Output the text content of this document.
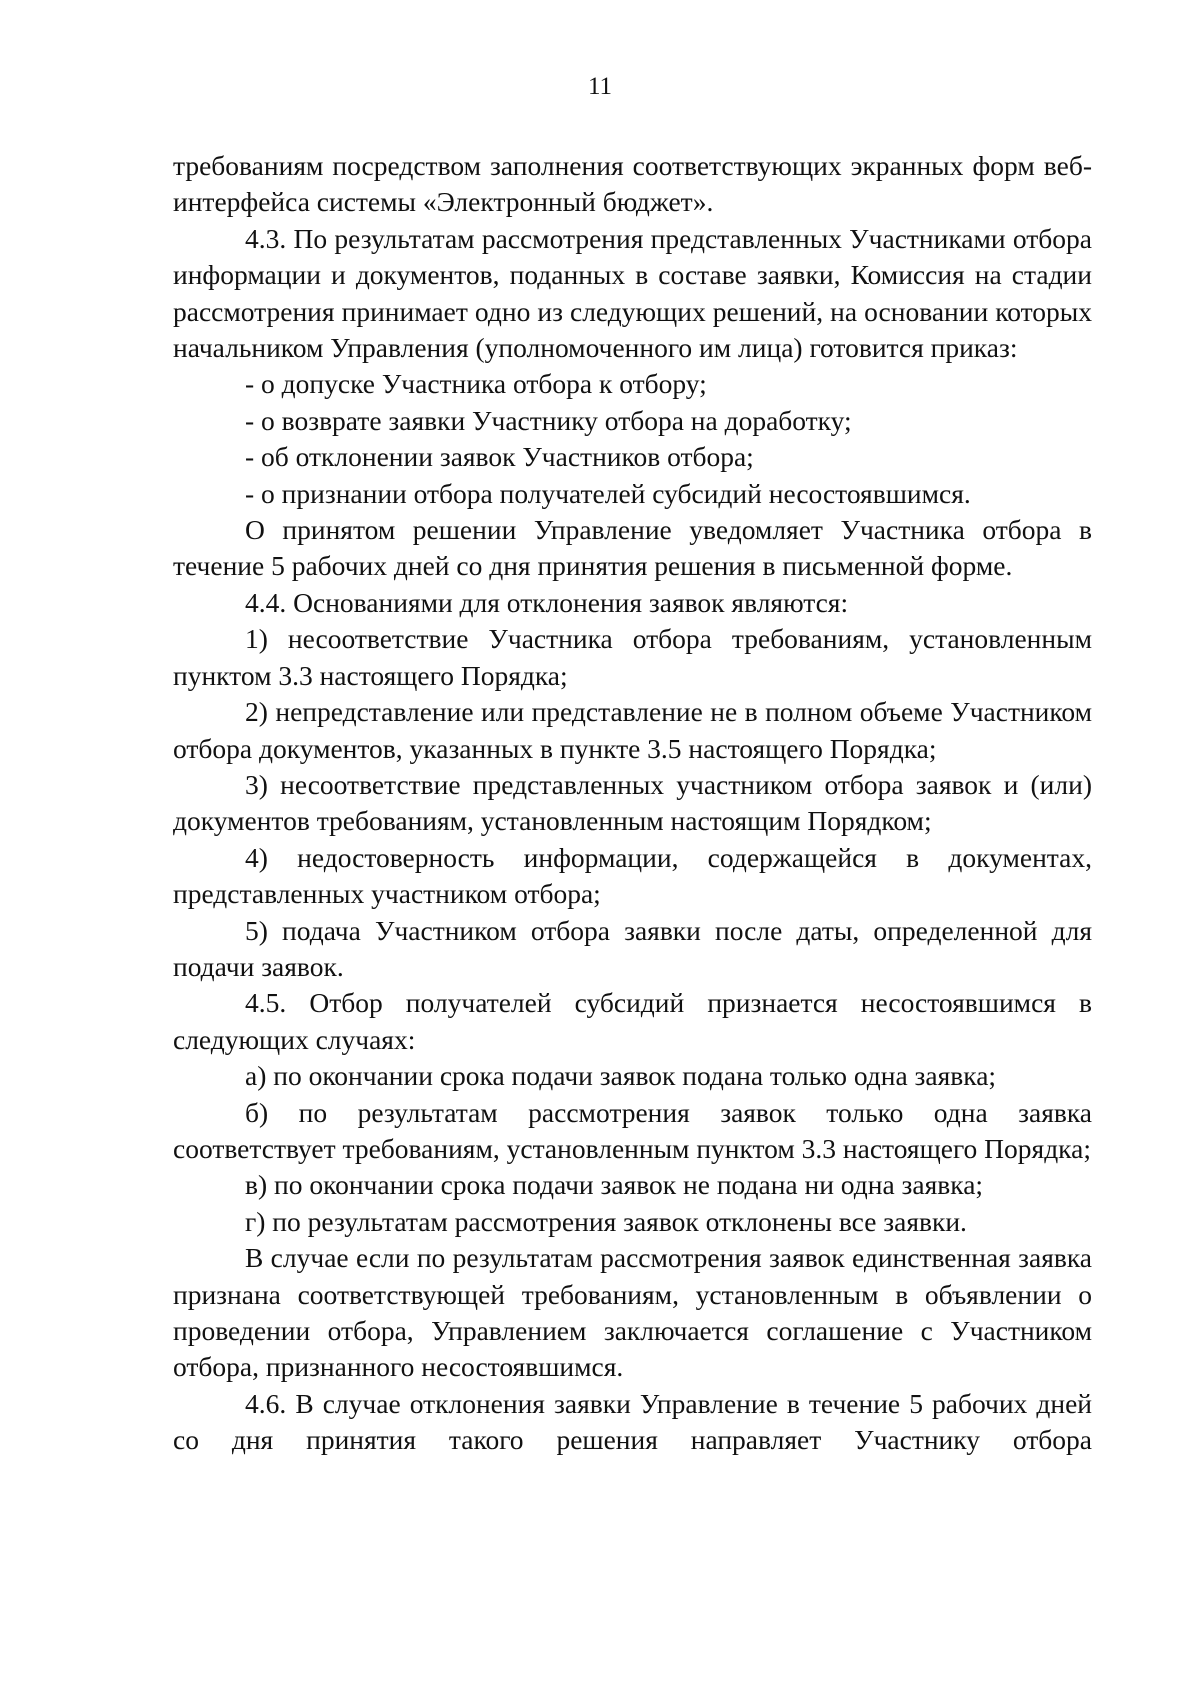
11

требованиям посредством заполнения соответствующих экранных форм веб-интерфейса системы «Электронный бюджет».

4.3. По результатам рассмотрения представленных Участниками отбора информации и документов, поданных в составе заявки, Комиссия на стадии рассмотрения принимает одно из следующих решений, на основании которых начальником Управления (уполномоченного им лица) готовится приказ:

- о допуске Участника отбора к отбору;

- о возврате заявки Участнику отбора на доработку;

- об отклонении заявок Участников отбора;

- о признании отбора получателей субсидий несостоявшимся.

О принятом решении Управление уведомляет Участника отбора в течение 5 рабочих дней со дня принятия решения в письменной форме.

4.4. Основаниями для отклонения заявок являются:

1) несоответствие Участника отбора требованиям, установленным пунктом 3.3 настоящего Порядка;

2) непредставление или представление не в полном объеме Участником отбора документов, указанных в пункте 3.5 настоящего Порядка;

3) несоответствие представленных участником отбора заявок и (или) документов требованиям, установленным настоящим Порядком;

4) недостоверность информации, содержащейся в документах, представленных участником отбора;

5) подача Участником отбора заявки после даты, определенной для подачи заявок.

4.5. Отбор получателей субсидий признается несостоявшимся в следующих случаях:

а) по окончании срока подачи заявок подана только одна заявка;

б) по результатам рассмотрения заявок только одна заявка соответствует требованиям, установленным пунктом 3.3 настоящего Порядка;

в) по окончании срока подачи заявок не подана ни одна заявка;

г) по результатам рассмотрения заявок отклонены все заявки.

В случае если по результатам рассмотрения заявок единственная заявка признана соответствующей требованиям, установленным в объявлении о проведении отбора, Управлением заключается соглашение с Участником отбора, признанного несостоявшимся.

4.6. В случае отклонения заявки Управление в течение 5 рабочих дней со дня принятия такого решения направляет Участнику отбора
